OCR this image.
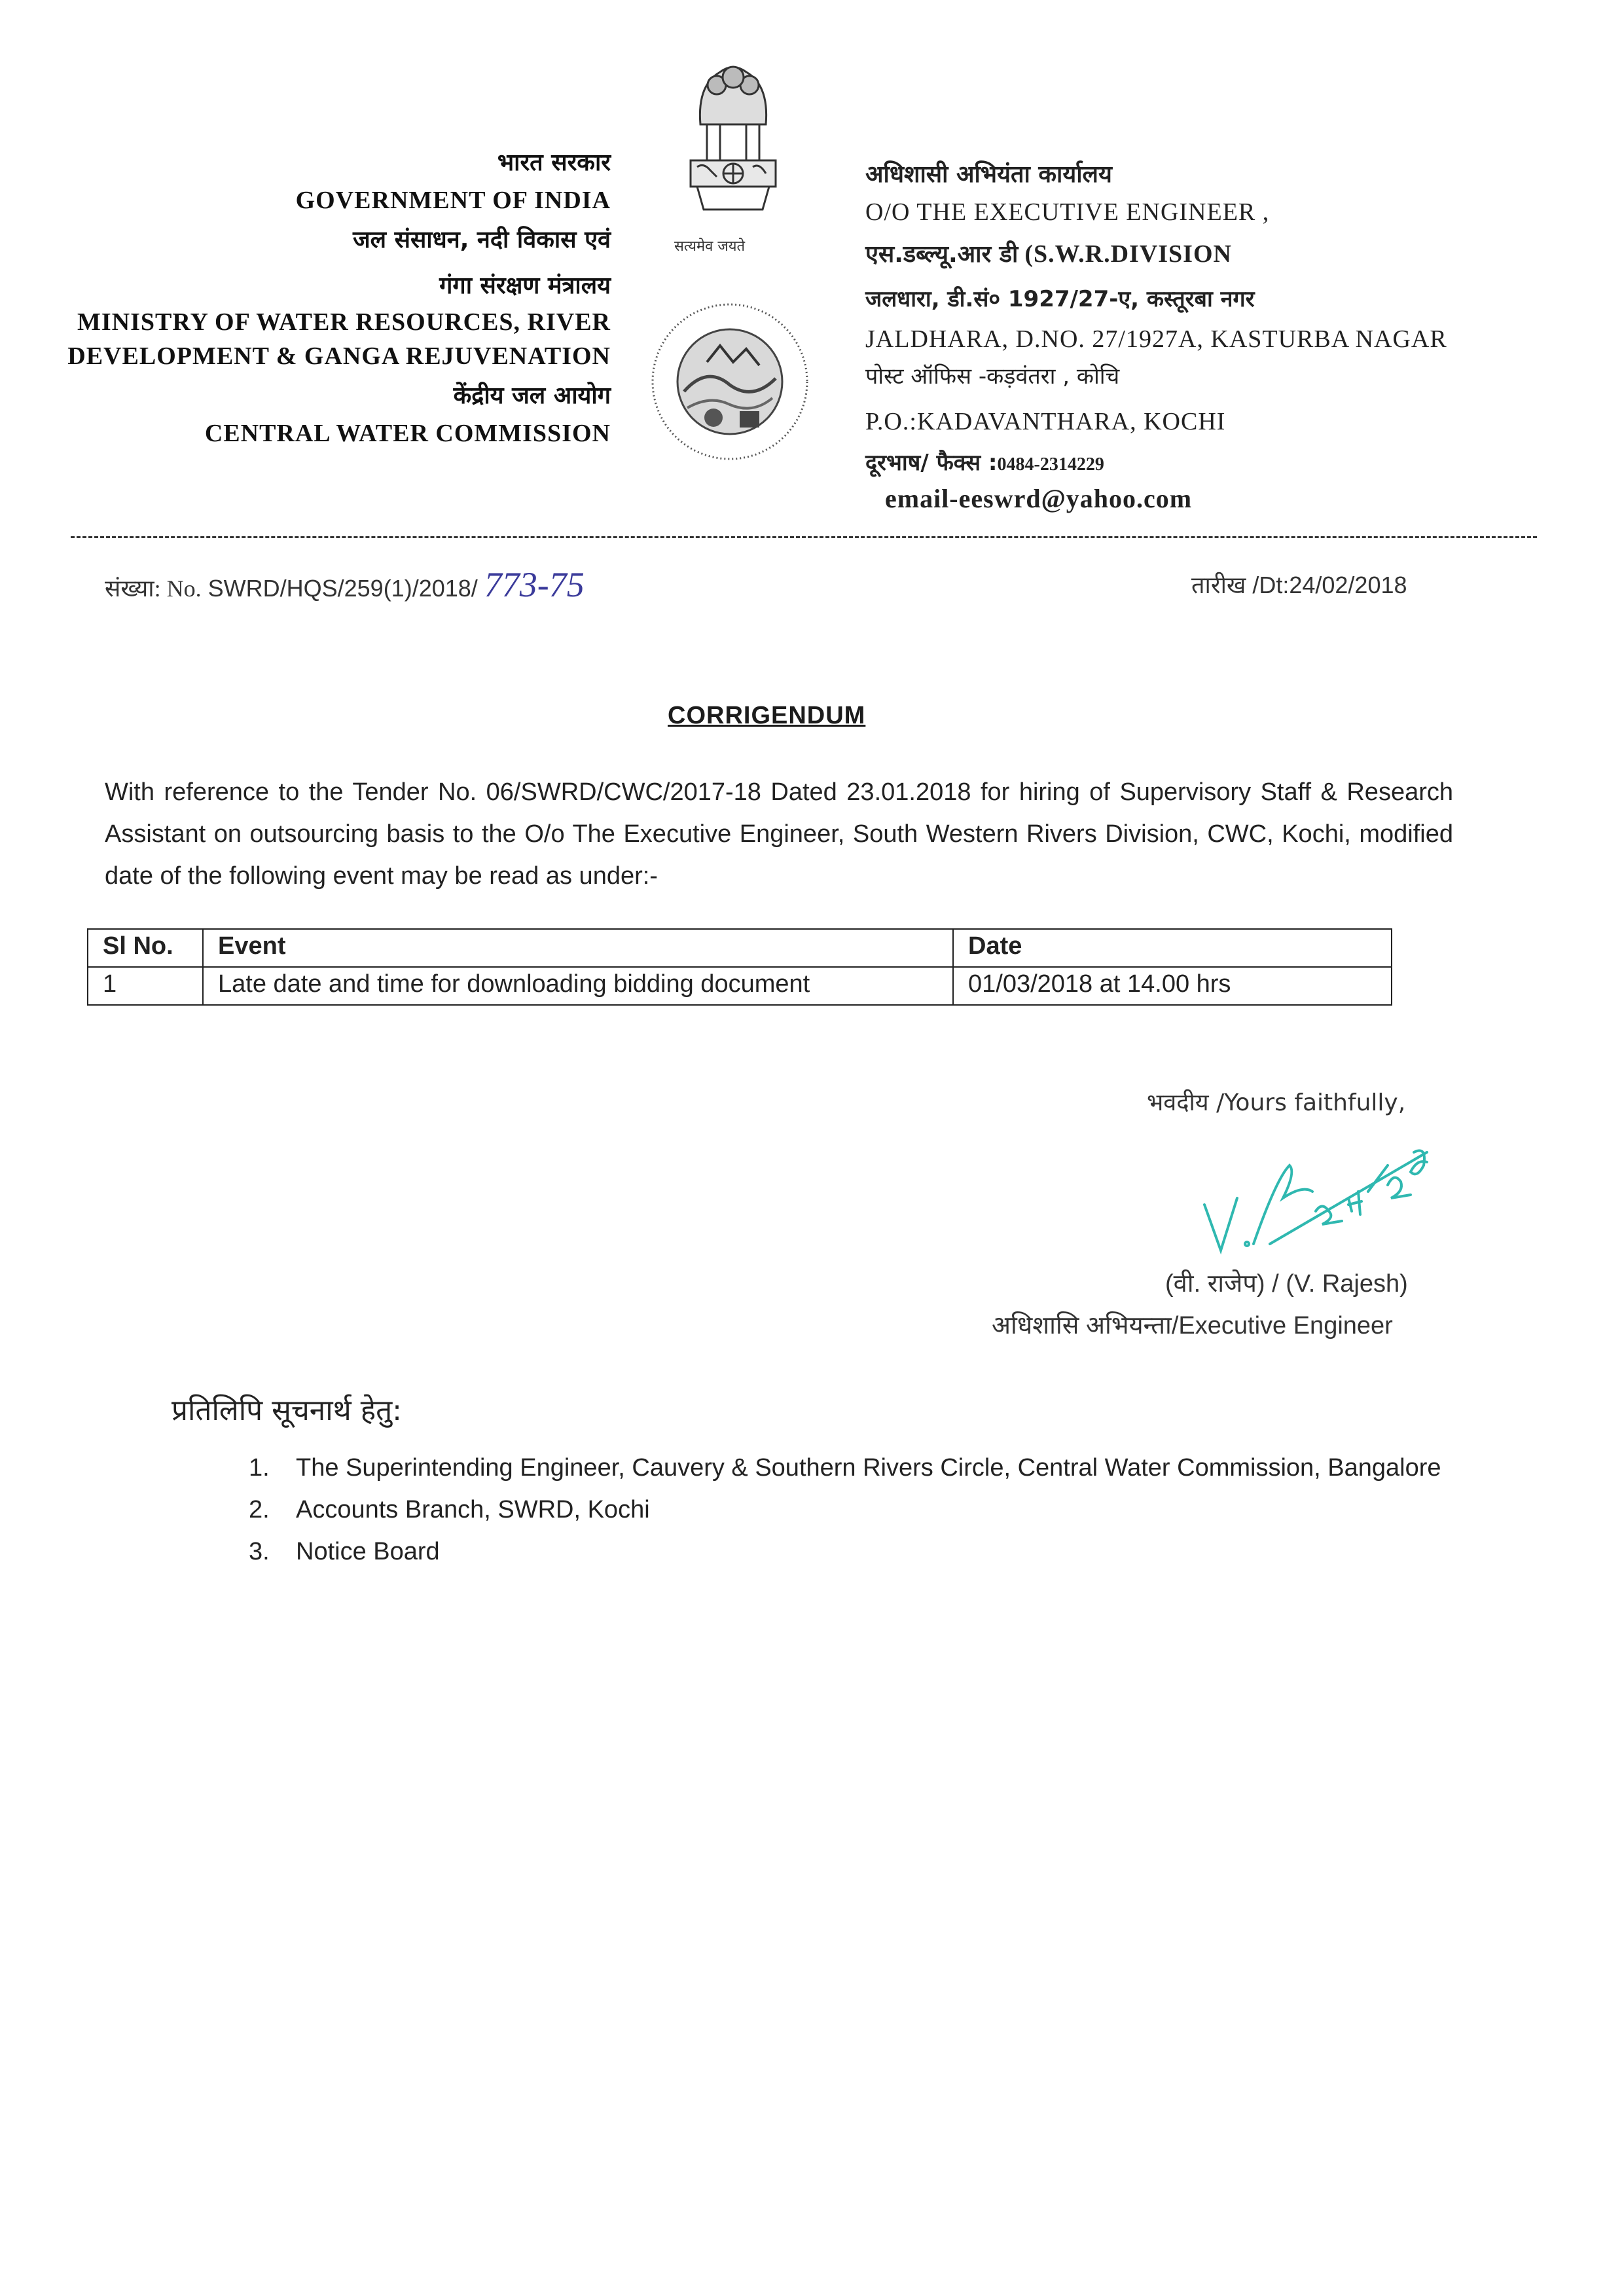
भारत सरकार
GOVERNMENT OF INDIA
जल संसाधन, नदी विकास एवं
गंगा संरक्षण मंत्रालय
MINISTRY OF WATER RESOURCES, RIVER
DEVELOPMENT & GANGA REJUVENATION
केंद्रीय जल आयोग
CENTRAL WATER COMMISSION
सत्यमेव जयते
अधिशासी अभियंता कार्यालय
O/O THE EXECUTIVE ENGINEER ,
एस.डब्ल्यू.आर डी (S.W.R.DIVISION
जलधारा, डी.सं० 1927/27-ए, कस्तूरबा नगर
JALDHARA, D.NO. 27/1927A, KASTURBA NAGAR
पोस्ट ऑफिस -कड़वंतरा , कोचि
P.O.:KADAVANTHARA, KOCHI
दूरभाष/ फैक्स :0484-2314229
email-eeswrd@yahoo.com
संख्या: No. SWRD/HQS/259(1)/2018/ 773-75	तारीख /Dt:24/02/2018
CORRIGENDUM
With reference to the Tender No. 06/SWRD/CWC/2017-18 Dated 23.01.2018 for hiring of Supervisory Staff & Research Assistant on outsourcing basis to the O/o The Executive Engineer, South Western Rivers Division, CWC, Kochi, modified date of the following event may be read as under:-
Sl No.	Event	Date
1	Late date and time for downloading bidding document	01/03/2018 at 14.00 hrs
भवदीय /Yours faithfully,
(वी. राजेप) / (V. Rajesh)
अधिशासि अभियन्ता/Executive Engineer
प्रतिलिपि सूचनार्थ हेतु:
1. The Superintending Engineer, Cauvery & Southern Rivers Circle, Central Water Commission, Bangalore
2. Accounts Branch, SWRD, Kochi
3. Notice Board
